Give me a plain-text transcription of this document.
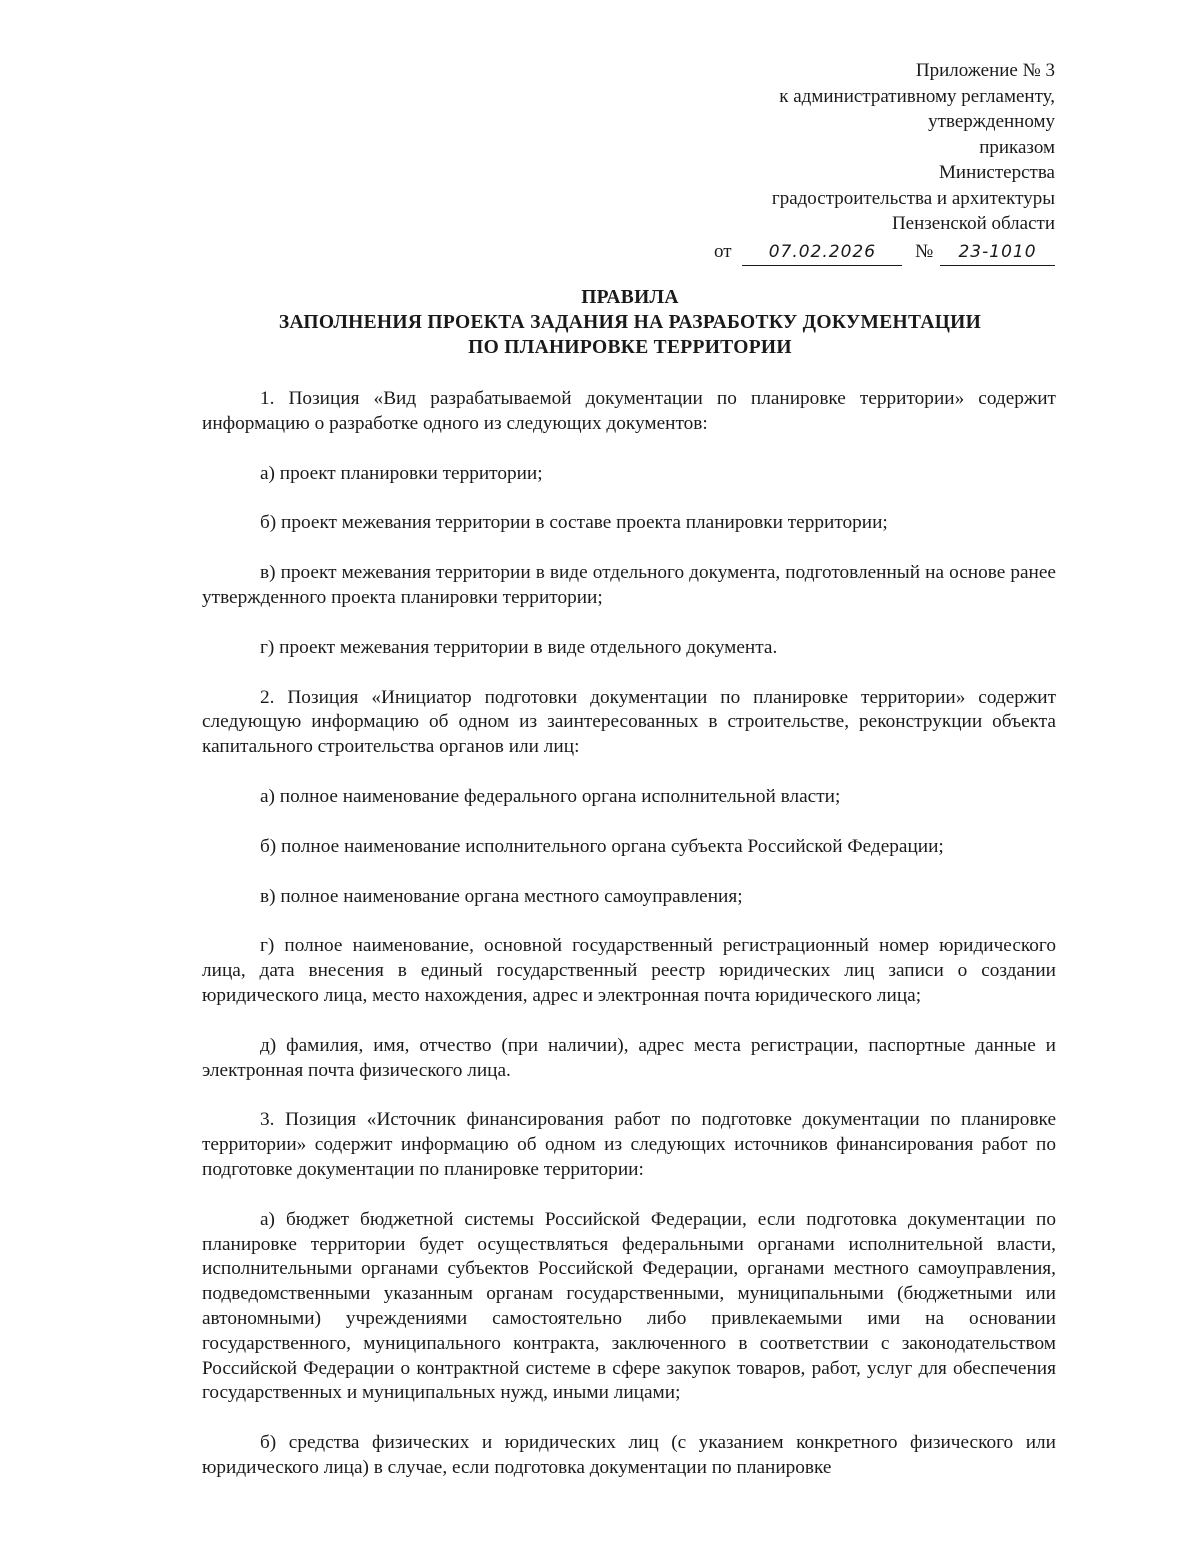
Приложение № 3
к административному регламенту,
утвержденному
приказом
Министерства
градостроительства и архитектуры
Пензенской области
от 07.02.2026 № 23-1010
ПРАВИЛА
ЗАПОЛНЕНИЯ ПРОЕКТА ЗАДАНИЯ НА РАЗРАБОТКУ ДОКУМЕНТАЦИИ
ПО ПЛАНИРОВКЕ ТЕРРИТОРИИ

1. Позиция «Вид разрабатываемой документации по планировке территории» содержит информацию о разработке одного из следующих документов:

а) проект планировки территории;

б) проект межевания территории в составе проекта планировки территории;

в) проект межевания территории в виде отдельного документа, подготовленный на основе ранее утвержденного проекта планировки территории;

г) проект межевания территории в виде отдельного документа.

2. Позиция «Инициатор подготовки документации по планировке территории» содержит следующую информацию об одном из заинтересованных в строительстве, реконструкции объекта капитального строительства органов или лиц:

а) полное наименование федерального органа исполнительной власти;

б) полное наименование исполнительного органа субъекта Российской Федерации;

в) полное наименование органа местного самоуправления;

г) полное наименование, основной государственный регистрационный номер юридического лица, дата внесения в единый государственный реестр юридических лиц записи о создании юридического лица, место нахождения, адрес и электронная почта юридического лица;

д) фамилия, имя, отчество (при наличии), адрес места регистрации, паспортные данные и электронная почта физического лица.

3. Позиция «Источник финансирования работ по подготовке документации по планировке территории» содержит информацию об одном из следующих источников финансирования работ по подготовке документации по планировке территории:

а) бюджет бюджетной системы Российской Федерации, если подготовка документации по планировке территории будет осуществляться федеральными органами исполнительной власти, исполнительными органами субъектов Российской Федерации, органами местного самоуправления, подведомственными указанным органам государственными, муниципальными (бюджетными или автономными) учреждениями самостоятельно либо привлекаемыми ими на основании государственного, муниципального контракта, заключенного в соответствии с законодательством Российской Федерации о контрактной системе в сфере закупок товаров, работ, услуг для обеспечения государственных и муниципальных нужд, иными лицами;

б) средства физических и юридических лиц (с указанием конкретного физического или юридического лица) в случае, если подготовка документации по планировке
